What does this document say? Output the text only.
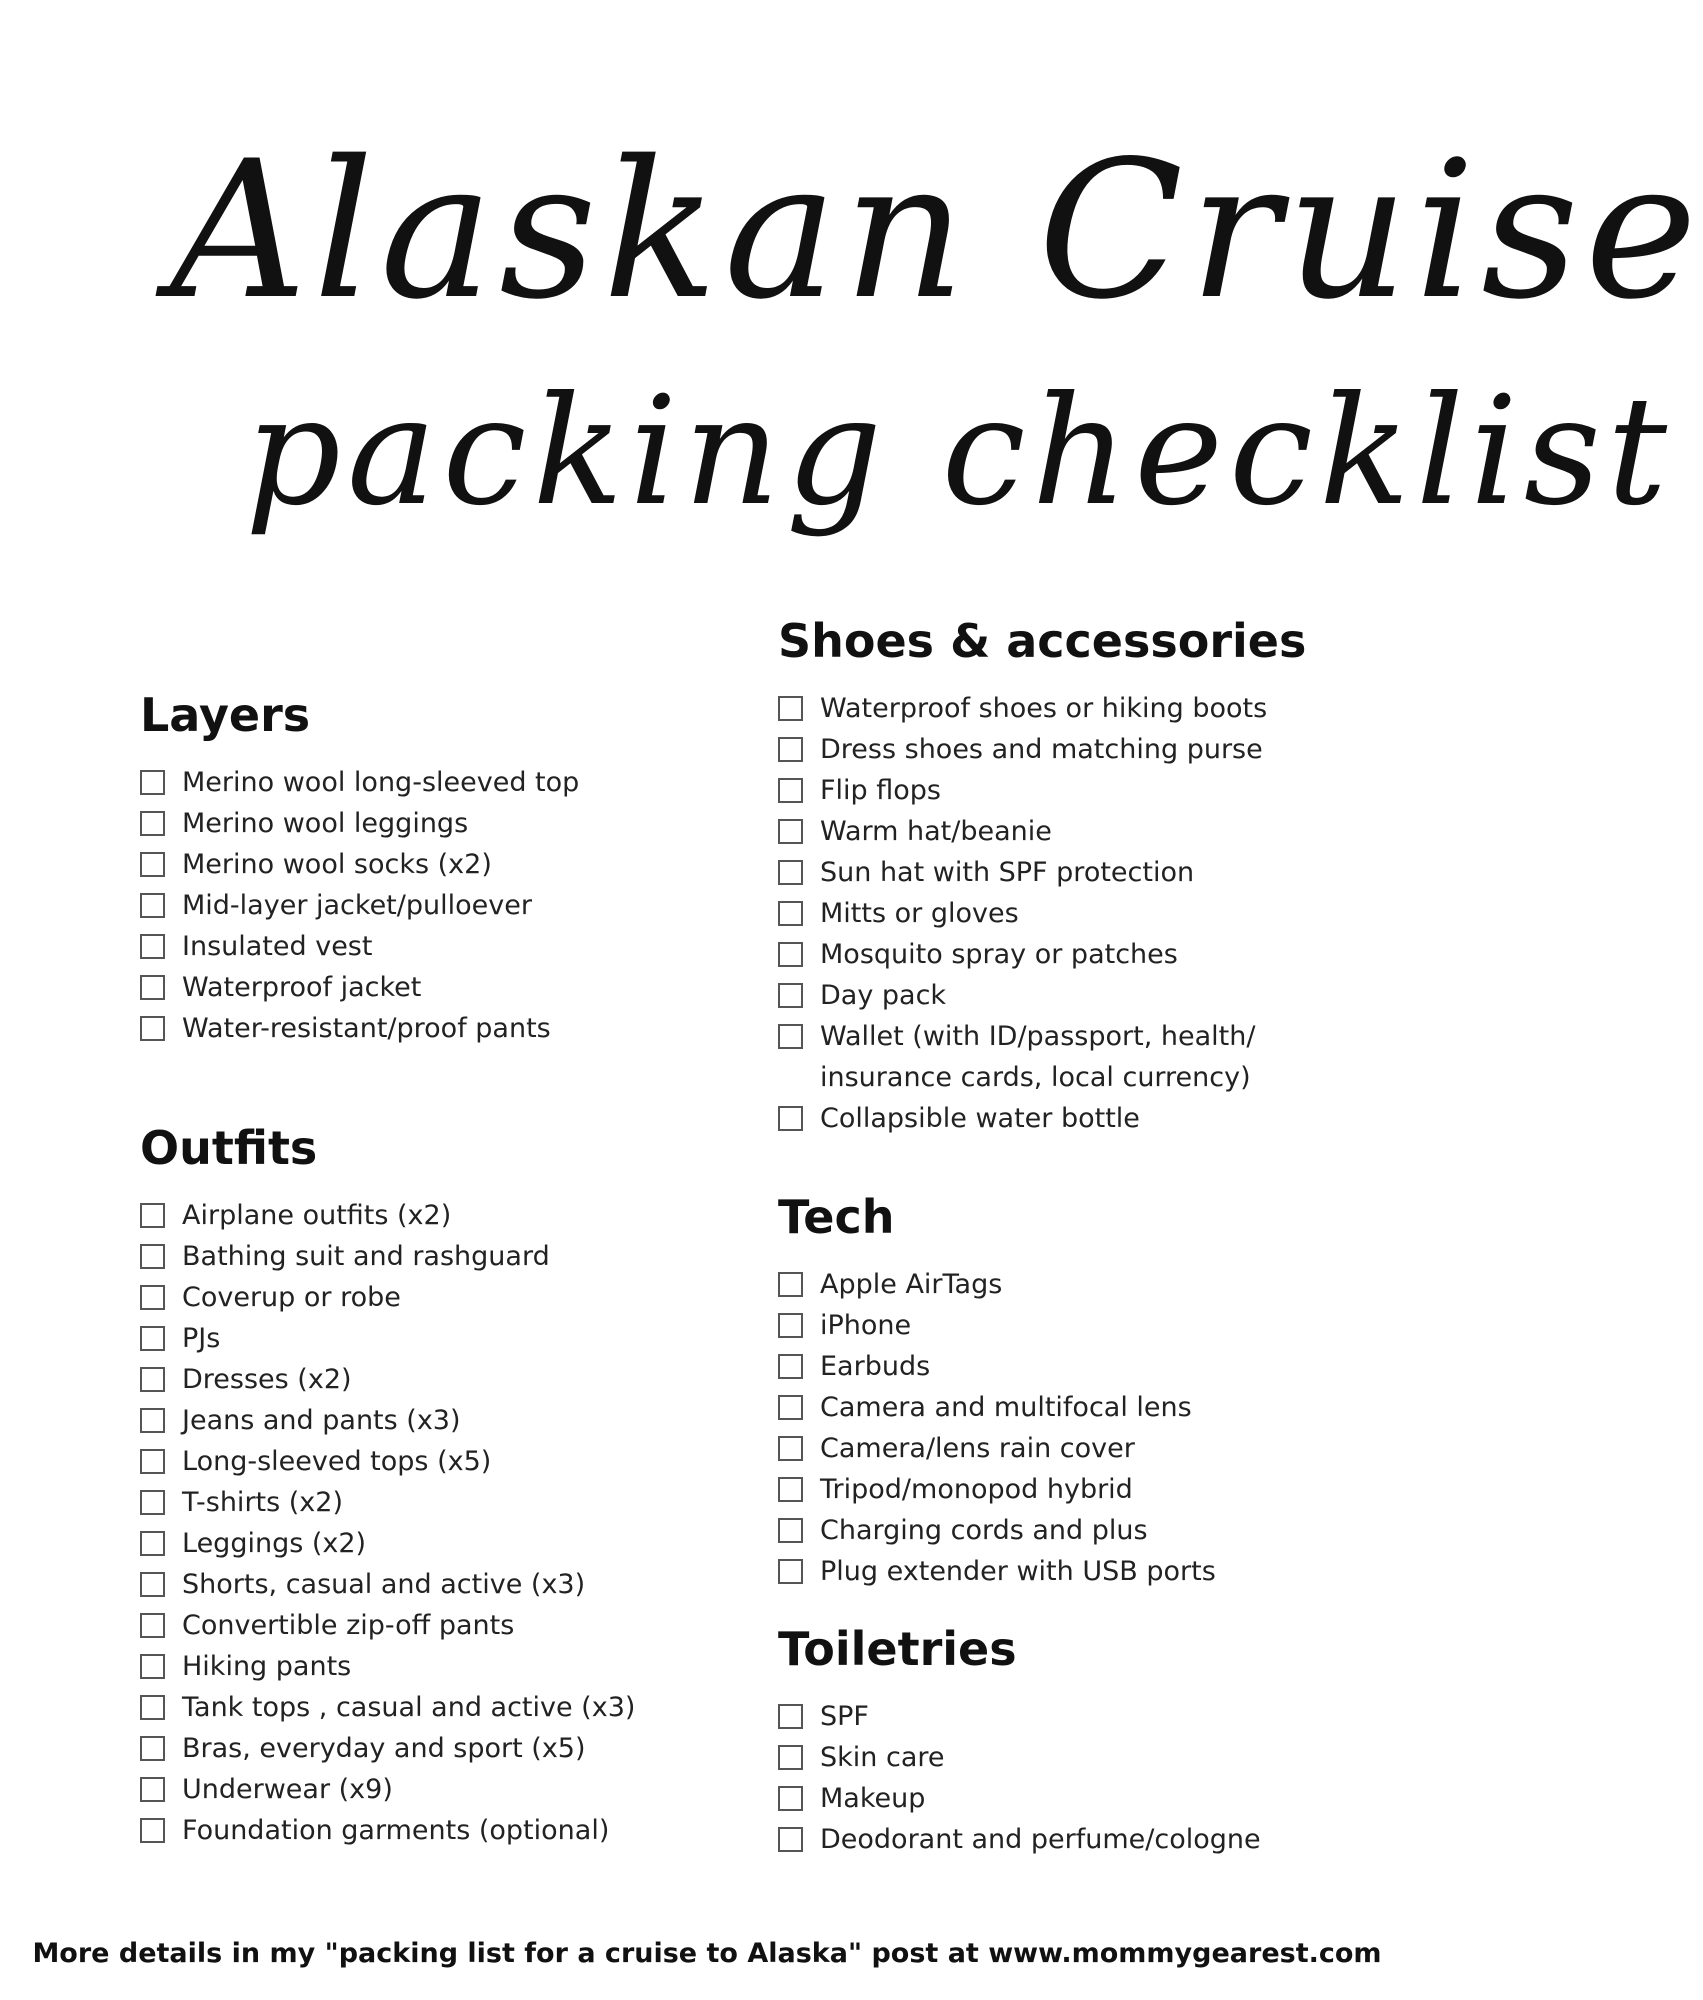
Alaskan Cruise
packing checklist
Layers
Merino wool long-sleeved top
Merino wool leggings
Merino wool socks (x2)
Mid-layer jacket/pulloever
Insulated vest
Waterproof jacket
Water-resistant/proof pants
Outfits
Airplane outfits (x2)
Bathing suit and rashguard
Coverup or robe
PJs
Dresses (x2)
Jeans and pants (x3)
Long-sleeved tops (x5)
T-shirts (x2)
Leggings (x2)
Shorts, casual and active (x3)
Convertible zip-off pants
Hiking pants
Tank tops , casual and active (x3)
Bras, everyday and sport (x5)
Underwear (x9)
Foundation garments (optional)
Shoes & accessories
Waterproof shoes or hiking boots
Dress shoes and matching purse
Flip flops
Warm hat/beanie
Sun hat with SPF protection
Mitts or gloves
Mosquito spray or patches
Day pack
Wallet (with ID/passport, health/ insurance cards, local currency)
Collapsible water bottle
Tech
Apple AirTags
iPhone
Earbuds
Camera and multifocal lens
Camera/lens rain cover
Tripod/monopod hybrid
Charging cords and plus
Plug extender with USB ports
Toiletries
SPF
Skin care
Makeup
Deodorant and perfume/cologne
More details in my "packing list for a cruise to Alaska" post at www.mommygearest.com
